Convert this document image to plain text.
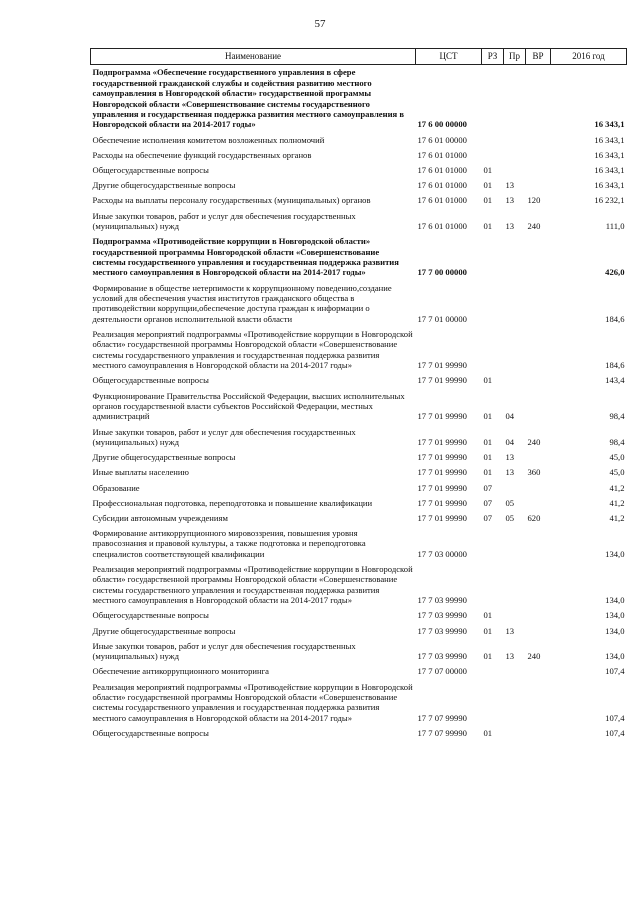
57
Наименование	ЦСТ	РЗ	Пр	ВР	2016 год
Подпрограмма «Обеспечение государственного управления в сфере государственной гражданской службы и содействия развитию местного самоуправления в Новгородской области» государственной программы Новгородской области «Совершенствование системы государственного управления и государственная поддержка развития местного самоуправления в Новгородской области на 2014-2017 годы»	17 6 00 00000				16 343,1
Обеспечение исполнения комитетом возложенных полномочий	17 6 01 00000				16 343,1
Расходы на обеспечение функций государственных органов	17 6 01 01000				16 343,1
Общегосударственные вопросы	17 6 01 01000	01			16 343,1
Другие общегосударственные вопросы	17 6 01 01000	01	13		16 343,1
Расходы на выплаты персоналу государственных (муниципальных) органов	17 6 01 01000	01	13	120	16 232,1
Иные закупки товаров, работ и услуг для обеспечения государственных (муниципальных) нужд	17 6 01 01000	01	13	240	111,0
Подпрограмма «Противодействие коррупции в Новгородской области» государственной программы Новгородской области «Совершенствование системы государственного управления и государственная поддержка развития местного самоуправления в Новгородской области на 2014-2017 годы»	17 7 00 00000				426,0
Формирование в обществе нетерпимости к коррупционному поведению,создание условий для обеспечения участия институтов гражданского общества в противодействии коррупции,обеспечение доступа граждан к информации о деятельности органов исполнительной власти области	17 7 01 00000				184,6
Реализация мероприятий подпрограммы «Противодействие коррупции в Новгородской области» государственной программы Новгородской области «Совершенствование системы государственного управления и государственная поддержка развития местного самоуправления в Новгородской области на 2014-2017 годы»	17 7 01 99990				184,6
Общегосударственные вопросы	17 7 01 99990	01			143,4
Функционирование Правительства Российской Федерации, высших исполнительных органов государственной власти субъектов Российской Федерации, местных администраций	17 7 01 99990	01	04		98,4
Иные закупки товаров, работ и услуг для обеспечения государственных (муниципальных) нужд	17 7 01 99990	01	04	240	98,4
Другие общегосударственные вопросы	17 7 01 99990	01	13		45,0
Иные выплаты населению	17 7 01 99990	01	13	360	45,0
Образование	17 7 01 99990	07			41,2
Профессиональная подготовка, переподготовка и повышение квалификации	17 7 01 99990	07	05		41,2
Субсидии автономным учреждениям	17 7 01 99990	07	05	620	41,2
Формирование антикоррупционного мировоззрения, повышения уровня правосознания и правовой культуры, а также подготовка и переподготовка специалистов соответствующей квалификации	17 7 03 00000				134,0
Реализация мероприятий подпрограммы «Противодействие коррупции в Новгородской области» государственной программы Новгородской области «Совершенствование системы государственного управления и государственная поддержка развития местного самоуправления в Новгородской области на 2014-2017 годы»	17 7 03 99990				134,0
Общегосударственные вопросы	17 7 03 99990	01			134,0
Другие общегосударственные вопросы	17 7 03 99990	01	13		134,0
Иные закупки товаров, работ и услуг для обеспечения государственных (муниципальных) нужд	17 7 03 99990	01	13	240	134,0
Обеспечение антикоррупционного мониторинга	17 7 07 00000				107,4
Реализация мероприятий подпрограммы «Противодействие коррупции в Новгородской области» государственной программы Новгородской области «Совершенствование системы государственного управления и государственная поддержка развития местного самоуправления в Новгородской области на 2014-2017 годы»	17 7 07 99990				107,4
Общегосударственные вопросы	17 7 07 99990	01			107,4
